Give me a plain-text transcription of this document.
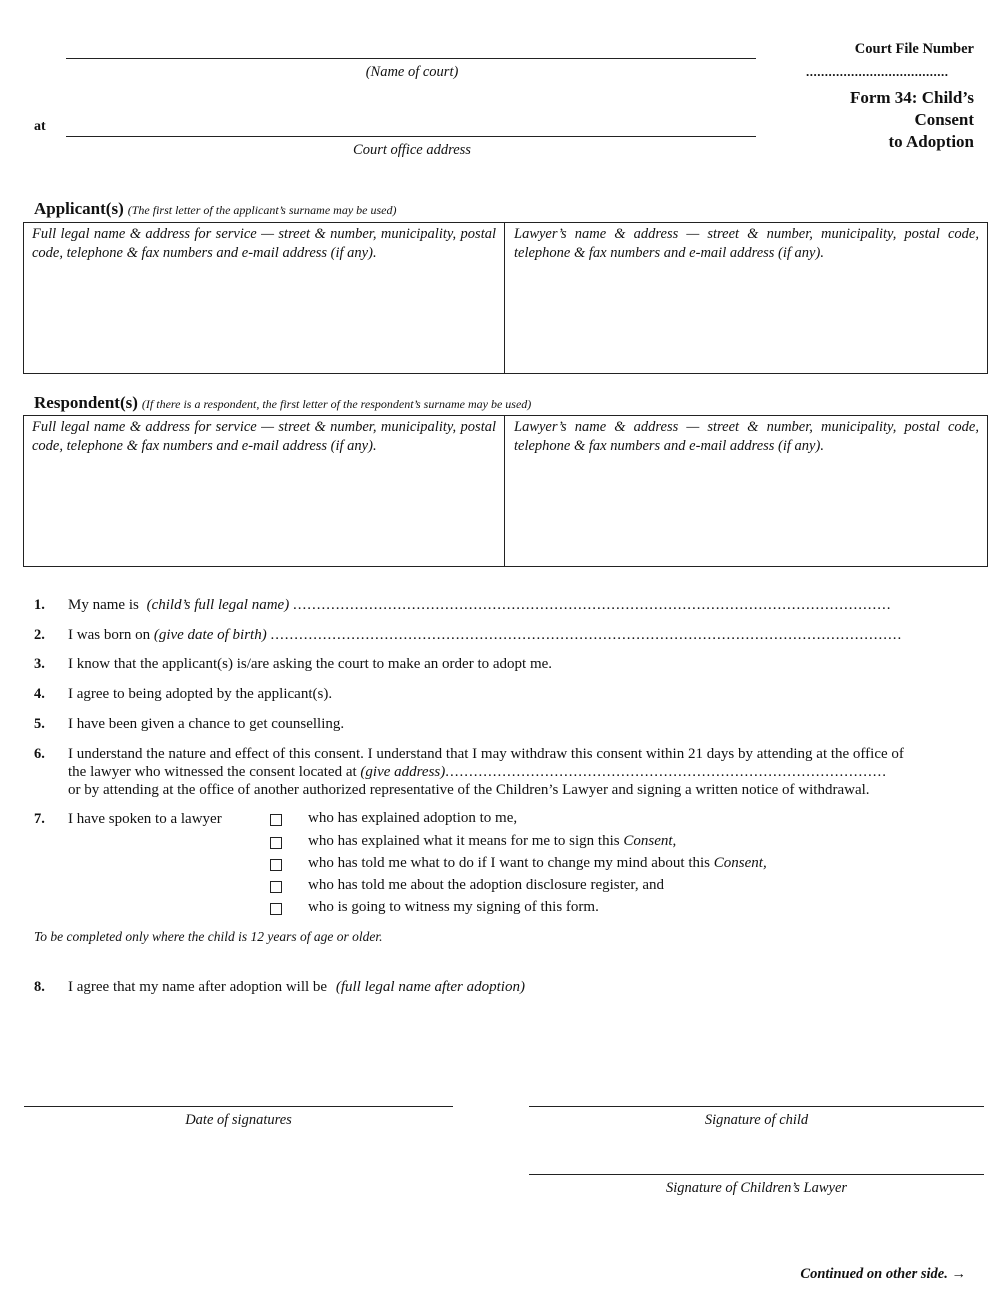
(Name of court)
at
Court office address
Court File Number
......................................
Form 34: Child’s
Consent
to Adoption
Applicant(s) (The first letter of the applicant’s surname may be used)
Full legal name & address for service — street & number, municipality, postal code, telephone & fax numbers and e-mail address (if any).
Lawyer’s name & address — street & number, municipality, postal code, telephone & fax numbers and e-mail address (if any).
Respondent(s) (If there is a respondent, the first letter of the respondent’s surname may be used)
Full legal name & address for service — street & number, municipality, postal code, telephone & fax numbers and e-mail address (if any).
Lawyer’s name & address — street & number, municipality, postal code, telephone & fax numbers and e-mail address (if any).
1. My name is (child’s full legal name) ..............................................................................................................................
2. I was born on (give date of birth) .....................................................................................................................................
3. I know that the applicant(s) is/are asking the court to make an order to adopt me.
4. I agree to being adopted by the applicant(s).
5. I have been given a chance to get counselling.
6. I understand the nature and effect of this consent. I understand that I may withdraw this consent within 21 days by attending at the office of
the lawyer who witnessed the consent located at (give address).............................................................................................
or by attending at the office of another authorized representative of the Children’s Lawyer and signing a written notice of withdrawal.
7. I have spoken to a lawyer	who has explained adoption to me,
who has explained what it means for me to sign this Consent,
who has told me what to do if I want to change my mind about this Consent,
who has told me about the adoption disclosure register, and
who is going to witness my signing of this form.
To be completed only where the child is 12 years of age or older.
8. I agree that my name after adoption will be (full legal name after adoption)
Date of signatures	Signature of child
Signature of Children’s Lawyer
Continued on other side. →
